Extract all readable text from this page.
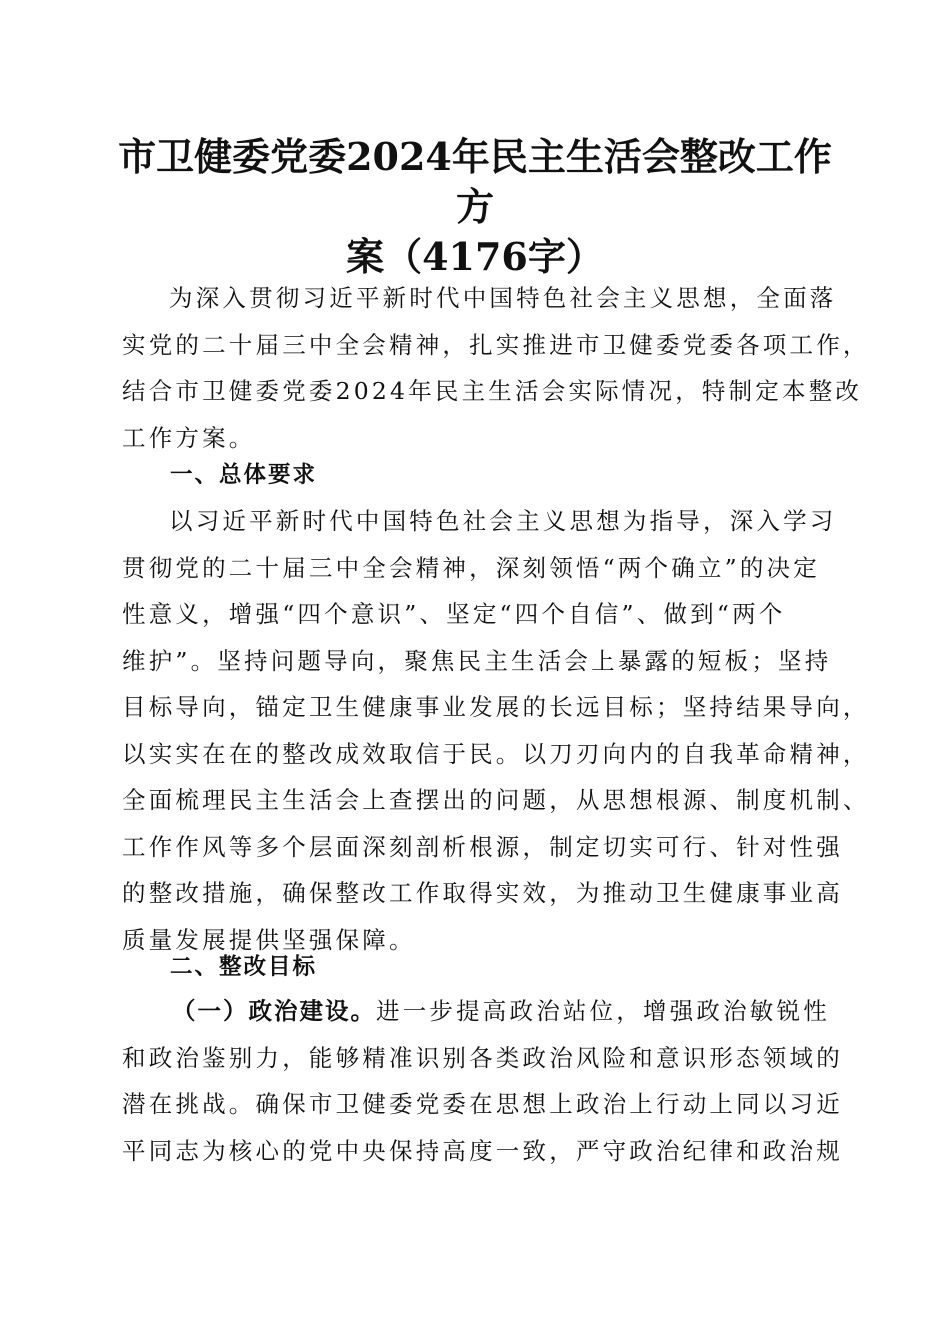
市卫健委党委2024年民主生活会整改工作方
案（4176字）
为深入贯彻习近平新时代中国特色社会主义思想，全面落
实党的二十届三中全会精神，扎实推进市卫健委党委各项工作，
结合市卫健委党委2024年民主生活会实际情况，特制定本整改
工作方案。
一、总体要求
以习近平新时代中国特色社会主义思想为指导，深入学习
贯彻党的二十届三中全会精神，深刻领悟“两个确立”的决定
性意义，增强“四个意识”、坚定“四个自信”、做到“两个
维护”。坚持问题导向，聚焦民主生活会上暴露的短板；坚持
目标导向，锚定卫生健康事业发展的长远目标；坚持结果导向，
以实实在在的整改成效取信于民。以刀刃向内的自我革命精神，
全面梳理民主生活会上查摆出的问题，从思想根源、制度机制、
工作作风等多个层面深刻剖析根源，制定切实可行、针对性强
的整改措施，确保整改工作取得实效，为推动卫生健康事业高
质量发展提供坚强保障。
二、整改目标
（一）政治建设。进一步提高政治站位，增强政治敏锐性
和政治鉴别力，能够精准识别各类政治风险和意识形态领域的
潜在挑战。确保市卫健委党委在思想上政治上行动上同以习近
平同志为核心的党中央保持高度一致，严守政治纪律和政治规
